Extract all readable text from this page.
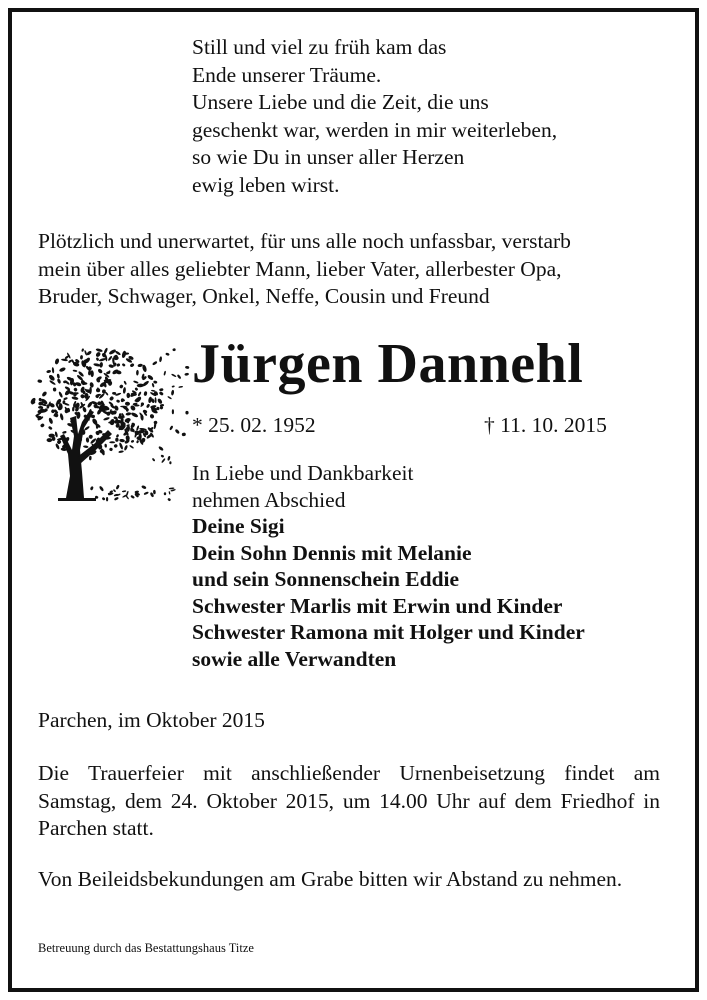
Still und viel zu früh kam das
Ende unserer Träume.
Unsere Liebe und die Zeit, die uns
geschenkt war, werden in mir weiterleben,
so wie Du in unser aller Herzen
ewig leben wirst.
Plötzlich und unerwartet, für uns alle noch unfassbar, verstarb
mein über alles geliebter Mann, lieber Vater, allerbester Opa,
Bruder, Schwager, Onkel, Neffe, Cousin und Freund
Jürgen Dannehl
* 25. 02. 1952	† 11. 10. 2015
In Liebe und Dankbarkeit
nehmen Abschied
Deine Sigi
Dein Sohn Dennis mit Melanie
und sein Sonnenschein Eddie
Schwester Marlis mit Erwin und Kinder
Schwester Ramona mit Holger und Kinder
sowie alle Verwandten
Parchen, im Oktober 2015
Die Trauerfeier mit anschließender Urnenbeisetzung findet am Samstag, dem 24. Oktober 2015, um 14.00 Uhr auf dem Friedhof in Parchen statt.
Von Beileidsbekundungen am Grabe bitten wir Abstand zu nehmen.
Betreuung durch das Bestattungshaus Titze
